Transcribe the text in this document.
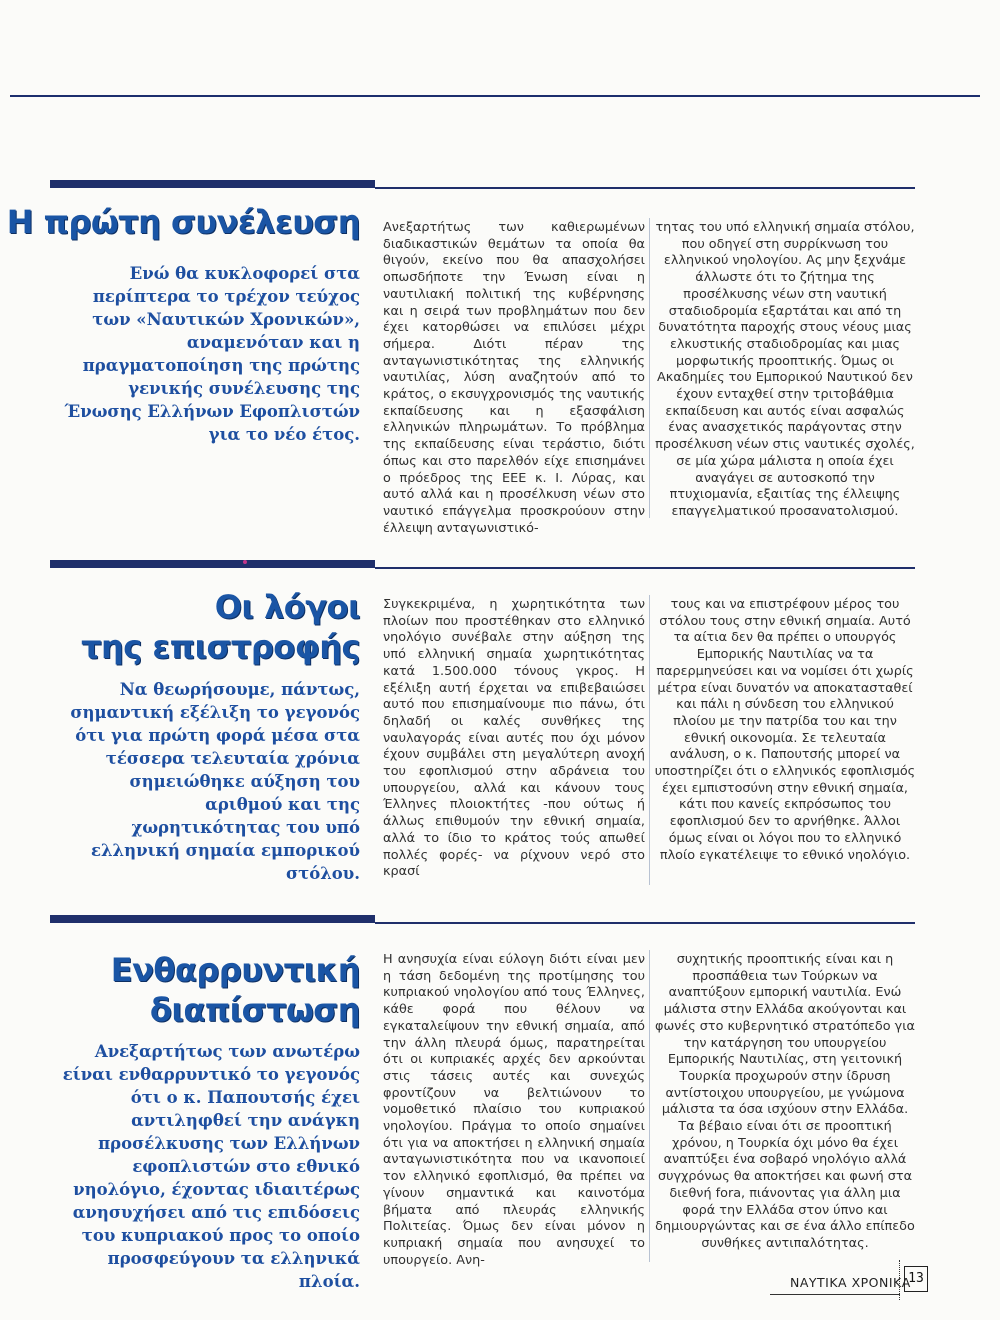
Η πρώτη συνέλευση

Ενώ θα κυκλοφορεί στα περίπτερα το τρέχον τεύχος των «Ναυτικών Χρονικών», αναμενόταν και η πραγματοποίηση της πρώτης γενικής συνέλευσης της Ένωσης Ελλήνων Εφοπλιστών για το νέο έτος.

Ανεξαρτήτως των καθιερωμένων διαδικαστικών θεμάτων τα οποία θα θιγούν, εκείνο που θα απασχολήσει οπωσδήποτε την Ένωση είναι η ναυτιλιακή πολιτική της κυβέρνησης και η σειρά των προβλημάτων που δεν έχει κατορθώσει να επιλύσει μέχρι σήμερα. Διότι πέραν της ανταγωνιστικότητας της ελληνικής ναυτιλίας, λύση αναζητούν από το κράτος, ο εκσυγχρονισμός της ναυτικής εκπαίδευσης και η εξασφάλιση ελληνικών πληρωμάτων. Το πρόβλημα της εκπαίδευσης είναι τεράστιο, διότι όπως και στο παρελθόν είχε επισημάνει ο πρόεδρος της ΕΕΕ κ. Ι. Λύρας, και αυτό αλλά και η προσέλκυση νέων στο ναυτικό επάγγελμα προσκρούουν στην έλλειψη ανταγωνιστικό-

τητας του υπό ελληνική σημαία στόλου, που οδηγεί στη συρρίκνωση του ελληνικού νηολογίου. Ας μην ξεχνάμε άλλωστε ότι το ζήτημα της προσέλκυσης νέων στη ναυτική σταδιοδρομία εξαρτάται και από τη δυνατότητα παροχής στους νέους μιας ελκυστικής σταδιοδρομίας και μιας μορφωτικής προοπτικής. Όμως οι Ακαδημίες του Εμπορικού Ναυτικού δεν έχουν ενταχθεί στην τριτοβάθμια εκπαίδευση και αυτός είναι ασφαλώς ένας ανασχετικός παράγοντας στην προσέλκυση νέων στις ναυτικές σχολές, σε μία χώρα μάλιστα η οποία έχει αναγάγει σε αυτοσκοπό την πτυχιομανία, εξαιτίας της έλλειψης επαγγελματικού προσανατολισμού.

Οι λόγοι
της επιστροφής

Να θεωρήσουμε, πάντως, σημαντική εξέλιξη το γεγονός ότι για πρώτη φορά μέσα στα τέσσερα τελευταία χρόνια σημειώθηκε αύξηση του αριθμού και της χωρητικότητας του υπό ελληνική σημαία εμπορικού στόλου.

Συγκεκριμένα, η χωρητικότητα των πλοίων που προστέθηκαν στο ελληνικό νηολόγιο συνέβαλε στην αύξηση της υπό ελληνική σημαία χωρητικότητας κατά 1.500.000 τόνους γκρος. Η εξέλιξη αυτή έρχεται να επιβεβαιώσει αυτό που επισημαίνουμε πιο πάνω, ότι δηλαδή οι καλές συνθήκες της ναυλαγοράς είναι αυτές που όχι μόνον έχουν συμβάλει στη μεγαλύτερη ανοχή του εφοπλισμού στην αδράνεια του υπουργείου, αλλά και κάνουν τους Έλληνες πλοιοκτήτες -που ούτως ή άλλως επιθυμούν την εθνική σημαία, αλλά το ίδιο το κράτος τούς απωθεί πολλές φορές- να ρίχνουν νερό στο κρασί

τους και να επιστρέφουν μέρος του στόλου τους στην εθνική σημαία. Αυτό τα αίτια δεν θα πρέπει ο υπουργός Εμπορικής Ναυτιλίας να τα παρερμηνεύσει και να νομίσει ότι χωρίς μέτρα είναι δυνατόν να αποκατασταθεί και πάλι η σύνδεση του ελληνικού πλοίου με την πατρίδα του και την εθνική οικονομία. Σε τελευταία ανάλυση, ο κ. Παπουτσής μπορεί να υποστηρίζει ότι ο ελληνικός εφοπλισμός έχει εμπιστοσύνη στην εθνική σημαία, κάτι που κανείς εκπρόσωπος του εφοπλισμού δεν το αρνήθηκε. Άλλοι όμως είναι οι λόγοι που το ελληνικό πλοίο εγκατέλειψε το εθνικό νηολόγιο.

Ενθαρρυντική
διαπίστωση

Ανεξαρτήτως των ανωτέρω είναι ενθαρρυντικό το γεγονός ότι ο κ. Παπουτσής έχει αντιληφθεί την ανάγκη προσέλκυσης των Ελλήνων εφοπλιστών στο εθνικό νηολόγιο, έχοντας ιδιαιτέρως ανησυχήσει από τις επιδόσεις του κυπριακού προς το οποίο προσφεύγουν τα ελληνικά πλοία.

Η ανησυχία είναι εύλογη διότι είναι μεν η τάση δεδομένη της προτίμησης του κυπριακού νηολογίου από τους Έλληνες, κάθε φορά που θέλουν να εγκαταλείψουν την εθνική σημαία, από την άλλη πλευρά όμως, παρατηρείται ότι οι κυπριακές αρχές δεν αρκούνται στις τάσεις αυτές και συνεχώς φροντίζουν να βελτιώνουν το νομοθετικό πλαίσιο του κυπριακού νηολογίου. Πράγμα το οποίο σημαίνει ότι για να αποκτήσει η ελληνική σημαία ανταγωνιστικότητα που να ικανοποιεί τον ελληνικό εφοπλισμό, θα πρέπει να γίνουν σημαντικά και καινοτόμα βήματα από πλευράς ελληνικής Πολιτείας. Όμως δεν είναι μόνον η κυπριακή σημαία που ανησυχεί το υπουργείο. Ανη-

συχητικής προοπτικής είναι και η προσπάθεια των Τούρκων να αναπτύξουν εμπορική ναυτιλία. Ενώ μάλιστα στην Ελλάδα ακούγονται και φωνές στο κυβερνητικό στρατόπεδο για την κατάργηση του υπουργείου Εμπορικής Ναυτιλίας, στη γειτονική Τουρκία προχωρούν στην ίδρυση αντίστοιχου υπουργείου, με γνώμονα μάλιστα τα όσα ισχύουν στην Ελλάδα. Τα βέβαιο είναι ότι σε προοπτική χρόνου, η Τουρκία όχι μόνο θα έχει αναπτύξει ένα σοβαρό νηολόγιο αλλά συγχρόνως θα αποκτήσει και φωνή στα διεθνή fora, πιάνοντας για άλλη μια φορά την Ελλάδα στον ύπνο και δημιουργώντας και σε ένα άλλο επίπεδο συνθήκες αντιπαλότητας.

ΝΑΥΤΙΚΑ ΧΡΟΝΙΚΑ

13
